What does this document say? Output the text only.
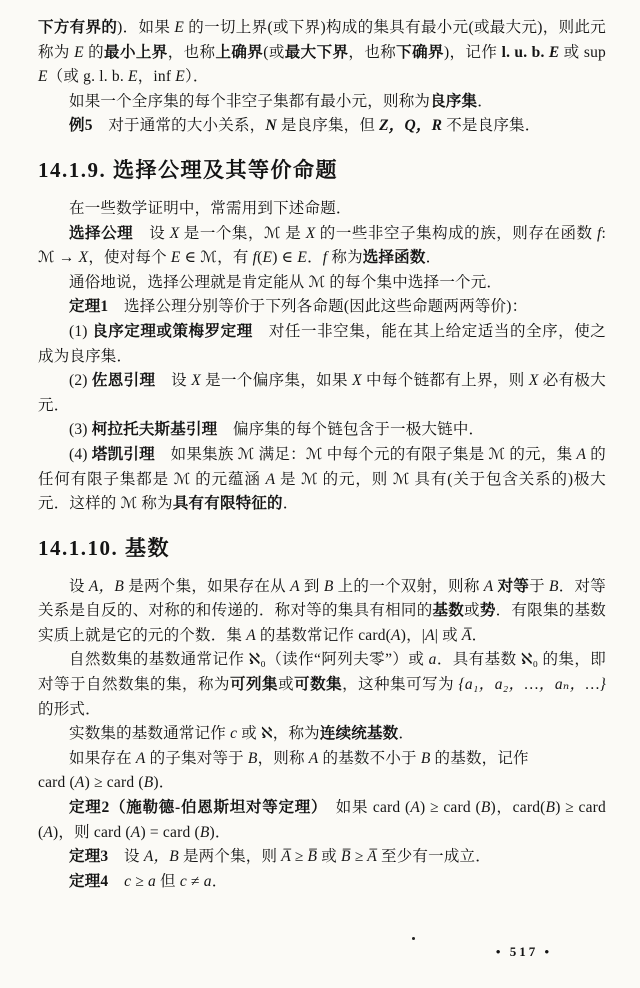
下方有界的)．如果 E 的一切上界(或下界)构成的集具有最小元(或最大元)，则此元称为 E 的最小上界，也称上确界(或最大下界，也称下确界)，记作 l. u. b. E 或 sup E（或 g. l. b. E，inf E）．

如果一个全序集的每个非空子集都有最小元，则称为良序集．

例5　对于通常的大小关系，N 是良序集，但 Z，Q，R 不是良序集．

14.1.9. 选择公理及其等价命题

在一些数学证明中，常需用到下述命题．

选择公理　设 X 是一个集，ℳ 是 X 的一些非空子集构成的族，则存在函数 f: ℳ → X，使对每个 E ∈ ℳ，有 f(E) ∈ E．f 称为选择函数．

通俗地说，选择公理就是肯定能从 ℳ 的每个集中选择一个元．

定理1　选择公理分别等价于下列各命题(因此这些命题两两等价)：

(1) 良序定理或策梅罗定理　对任一非空集，能在其上给定适当的全序，使之成为良序集．

(2) 佐恩引理　设 X 是一个偏序集，如果 X 中每个链都有上界，则 X 必有极大元．

(3) 柯拉托夫斯基引理　偏序集的每个链包含于一极大链中．

(4) 塔凯引理　如果集族 ℳ 满足：ℳ 中每个元的有限子集是 ℳ 的元，集 A 的任何有限子集都是 ℳ 的元蕴涵 A 是 ℳ 的元，则 ℳ 具有(关于包含关系的)极大元．这样的 ℳ 称为具有有限特征的．

14.1.10. 基数

设 A，B 是两个集，如果存在从 A 到 B 上的一个双射，则称 A 对等于 B．对等关系是自反的、对称的和传递的．称对等的集具有相同的基数或势．有限集的基数实质上就是它的元的个数．集 A 的基数常记作 card(A)，|A| 或 A̅．

自然数集的基数通常记作 ℵ₀（读作“阿列夫零”）或 a．具有基数 ℵ₀ 的集，即对等于自然数集的集，称为可列集或可数集，这种集可写为 {a₁，a₂，…，aₙ，…} 的形式．

实数集的基数通常记作 c 或 ℵ，称为连续统基数．

如果存在 A 的子集对等于 B，则称 A 的基数不小于 B 的基数，记作

card (A) ≥ card (B)．

定理2（施勒德-伯恩斯坦对等定理）　如果 card (A) ≥ card (B)，card(B) ≥ card (A)，则 card (A) = card (B)．

定理3　设 A，B 是两个集，则 A̅ ≥ B̅ 或 B̅ ≥ A̅ 至少有一成立．

定理4　 c ≥ a 但 c ≠ a．

• 517 •
